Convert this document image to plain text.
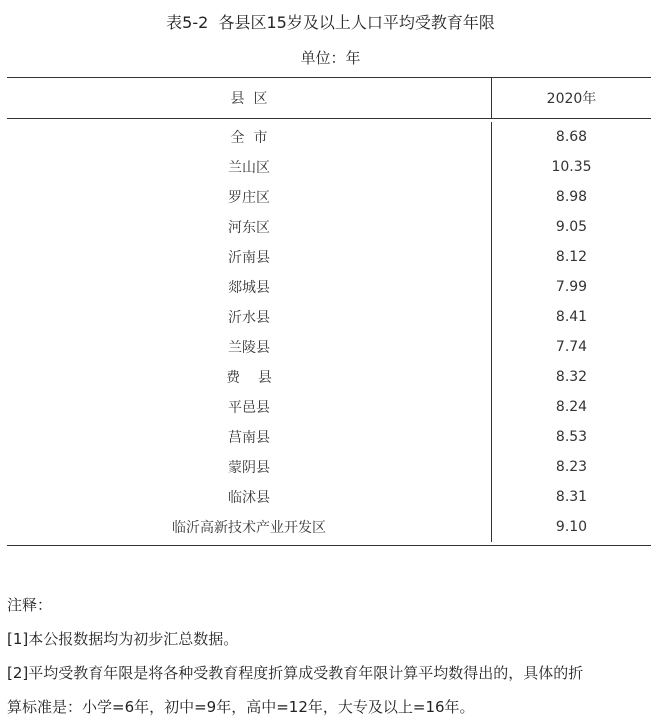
表5-2  各县区15岁及以上人口平均受教育年限
单位：年
县  区	2020年
全  市	8.68
兰山区	10.35
罗庄区	8.98
河东区	9.05
沂南县	8.12
郯城县	7.99
沂水县	8.41
兰陵县	7.74
费    县	8.32
平邑县	8.24
莒南县	8.53
蒙阴县	8.23
临沭县	8.31
临沂高新技术产业开发区	9.10
注释：
[1]本公报数据均为初步汇总数据。
[2]平均受教育年限是将各种受教育程度折算成受教育年限计算平均数得出的，具体的折
算标准是：小学=6年，初中=9年，高中=12年，大专及以上=16年。
